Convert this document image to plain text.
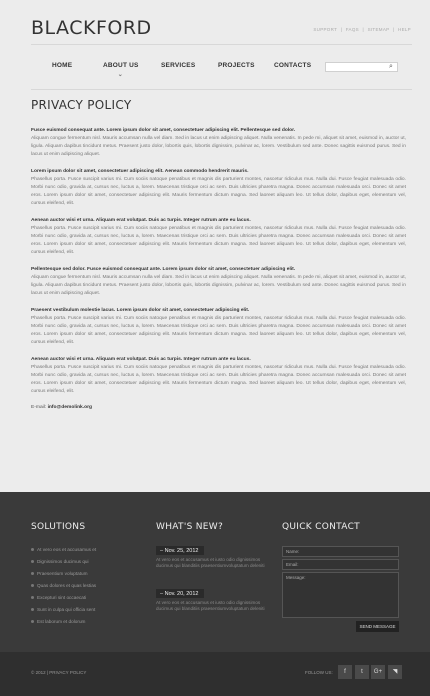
BLACKFORD	SUPPORT | FAQS | SITEMAP | HELP
HOME	ABOUT US
⌄
SERVICES	PROJECTS	CONTACTS	⌕
PRIVACY POLICY

Fusce euismod consequat ante. Lorem ipsum dolor sit amet, consectetuer adipiscing elit. Pellentesque sed dolor.
Aliquam congue fermentum nisl. Mauris accumsan nulla vel diam. Sed in lacus ut enim adipiscing aliquet. Nulla venenatis. In pede mi, aliquet sit amet, euismod in, auctor ut, ligula. Aliquam dapibus tincidunt metus. Praesent justo dolor, lobortis quis, lobortis dignissim, pulvinar ac, lorem. Vestibulum sed ante. Donec sagittis euismod purus. Sed in lacus ut enim adipiscing aliquet.

Lorem ipsum dolor sit amet, consectetuer adipiscing elit. Aenean commodo hendrerit mauris.
Phasellus porta. Fusce suscipit varius mi. Cum sociis natoque penatibus et magnis dis parturient montes, nascetur ridiculus mus. Nulla dui. Fusce feugiat malesuada odio. Morbi nunc odio, gravida at, cursus nec, luctus a, lorem. Maecenas tristique orci ac sem. Duis ultricies pharetra magna. Donec accumsan malesuada orci. Donec sit amet eros. Lorem ipsum dolor sit amet, consectetuer adipiscing elit. Mauris fermentum dictum magna. Sed laoreet aliquam leo. Ut tellus dolor, dapibus eget, elementum vel, cursus eleifend, elit.

Aenean auctor wisi et urna. Aliquam erat volutpat. Duis ac turpis. Integer rutrum ante eu lacus.
Phasellus porta. Fusce suscipit varius mi. Cum sociis natoque penatibus et magnis dis parturient montes, nascetur ridiculus mus. Nulla dui. Fusce feugiat malesuada odio. Morbi nunc odio, gravida at, cursus nec, luctus a, lorem. Maecenas tristique orci ac sem. Duis ultricies pharetra magna. Donec accumsan malesuada orci. Donec sit amet eros. Lorem ipsum dolor sit amet, consectetuer adipiscing elit. Mauris fermentum dictum magna. Sed laoreet aliquam leo. Ut tellus dolor, dapibus eget, elementum vel, cursus eleifend, elit.

Pellentesque sed dolor. Fusce euismod consequat ante. Lorem ipsum dolor sit amet, consectetuer adipiscing elit.
Aliquam congue fermentum nisl. Mauris accumsan nulla vel diam. Sed in lacus ut enim adipiscing aliquet. Nulla venenatis. In pede mi, aliquet sit amet, euismod in, auctor ut, ligula. Aliquam dapibus tincidunt metus. Praesent justo dolor, lobortis quis, lobortis dignissim, pulvinar ac, lorem. Vestibulum sed ante. Donec sagittis euismod purus. Sed in lacus ut enim adipiscing aliquet.

Praesent vestibulum molestie lacus. Lorem ipsum dolor sit amet, consectetuer adipiscing elit.
Phasellus porta. Fusce suscipit varius mi. Cum sociis natoque penatibus et magnis dis parturient montes, nascetur ridiculus mus. Nulla dui. Fusce feugiat malesuada odio. Morbi nunc odio, gravida at, cursus nec, luctus a, lorem. Maecenas tristique orci ac sem. Duis ultricies pharetra magna. Donec accumsan malesuada orci. Donec sit amet eros. Lorem ipsum dolor sit amet, consectetuer adipiscing elit. Mauris fermentum dictum magna. Sed laoreet aliquam leo. Ut tellus dolor, dapibus eget, elementum vel, cursus eleifend, elit.

Aenean auctor wisi et urna. Aliquam erat volutpat. Duis ac turpis. Integer rutrum ante eu lacus.
Phasellus porta. Fusce suscipit varius mi. Cum sociis natoque penatibus et magnis dis parturient montes, nascetur ridiculus mus. Nulla dui. Fusce feugiat malesuada odio. Morbi nunc odio, gravida at, cursus nec, luctus a, lorem. Maecenas tristique orci ac sem. Duis ultricies pharetra magna. Donec accumsan malesuada orci. Donec sit amet eros. Lorem ipsum dolor sit amet, consectetuer adipiscing elit. Mauris fermentum dictum magna. Sed laoreet aliquam leo. Ut tellus dolor, dapibus eget, elementum vel, cursus eleifend, elit.

E-mail: info@demolink.org
SOLUTIONS
At vero eos et accusamus et
Dignissimos ducimus qui
Praesentium voluptatum
Quas dolores et quas lestias
Excepturi sint occaecati
Sunt in culpa qui officia sent
Est laborum et dolorum
WHAT'S NEW?
– Nov. 25, 2012
At vero eos et accusamus et iusto odio dignissimos ducimus qui blanditiis praesentiumvoluptatum deleniti
– Nov. 20, 2012
At vero eos et accusamus et iusto odio dignissimos ducimus qui blanditiis praesentiumvoluptatum deleniti
QUICK CONTACT
Name:
Email:
Message:
SEND MESSAGE
© 2012 | PRIVACY POLICY	FOLLOW US:	f	t	G+	◥
